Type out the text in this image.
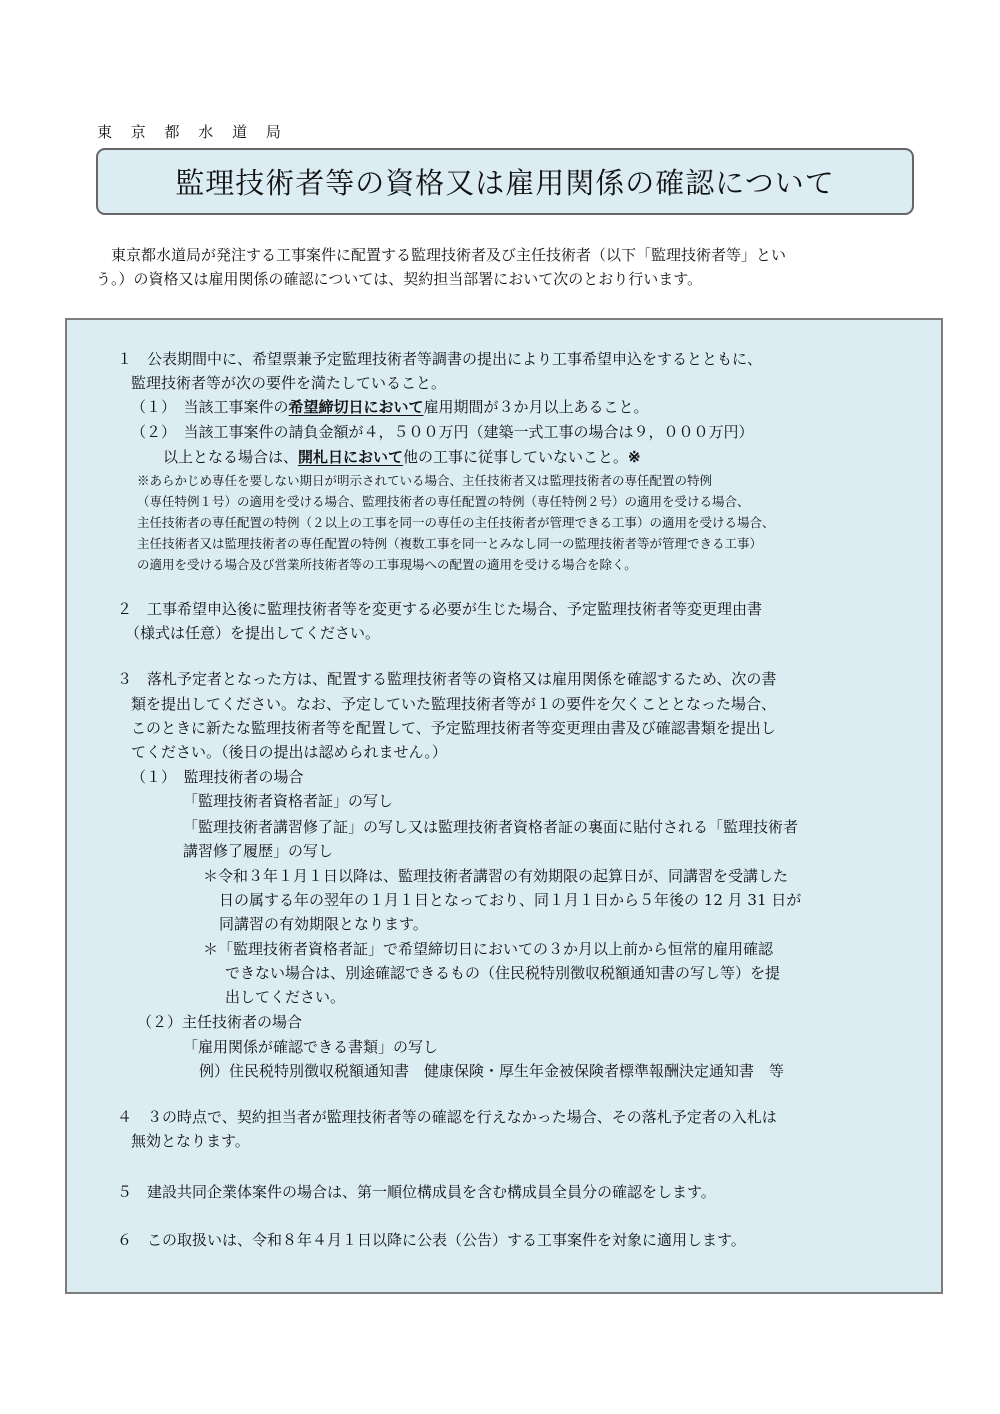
東 京 都 水 道 局
監理技術者等の資格又は雇用関係の確認について

東京都水道局が発注する工事案件に配置する監理技術者及び主任技術者（以下「監理技術者等」とい

う。）の資格又は雇用関係の確認については、契約担当部署において次のとおり行います。

１　公表期間中に、希望票兼予定監理技術者等調書の提出により工事希望申込をするとともに、
監理技術者等が次の要件を満たしていること。
（１）　当該工事案件の希望締切日において雇用期間が３か月以上あること。
（２）　当該工事案件の請負金額が４，５００万円（建築一式工事の場合は９，０００万円）
以上となる場合は、開札日において他の工事に従事していないこと。※
※あらかじめ専任を要しない期日が明示されている場合、主任技術者又は監理技術者の専任配置の特例
（専任特例１号）の適用を受ける場合、監理技術者の専任配置の特例（専任特例２号）の適用を受ける場合、
主任技術者の専任配置の特例（２以上の工事を同一の専任の主任技術者が管理できる工事）の適用を受ける場合、
主任技術者又は監理技術者の専任配置の特例（複数工事を同一とみなし同一の監理技術者等が管理できる工事）
の適用を受ける場合及び営業所技術者等の工事現場への配置の適用を受ける場合を除く。
２　工事希望申込後に監理技術者等を変更する必要が生じた場合、予定監理技術者等変更理由書
（様式は任意）を提出してください。
３　落札予定者となった方は、配置する監理技術者等の資格又は雇用関係を確認するため、次の書
類を提出してください。なお、予定していた監理技術者等が１の要件を欠くこととなった場合、
このときに新たな監理技術者等を配置して、予定監理技術者等変更理由書及び確認書類を提出し
てください。（後日の提出は認められません。）
（１）　監理技術者の場合
「監理技術者資格者証」の写し
「監理技術者講習修了証」の写し又は監理技術者資格者証の裏面に貼付される「監理技術者
講習修了履歴」の写し
＊令和３年１月１日以降は、監理技術者講習の有効期限の起算日が、同講習を受講した
日の属する年の翌年の１月１日となっており、同１月１日から５年後の 12 月 31 日が
同講習の有効期限となります。
＊「監理技術者資格者証」で希望締切日においての３か月以上前から恒常的雇用確認
できない場合は、別途確認できるもの（住民税特別徴収税額通知書の写し等）を提
出してください。
（２）主任技術者の場合
「雇用関係が確認できる書類」の写し
例）住民税特別徴収税額通知書　健康保険・厚生年金被保険者標準報酬決定通知書　等
４　３の時点で、契約担当者が監理技術者等の確認を行えなかった場合、その落札予定者の入札は
無効となります。
５　建設共同企業体案件の場合は、第一順位構成員を含む構成員全員分の確認をします。
６　この取扱いは、令和８年４月１日以降に公表（公告）する工事案件を対象に適用します。
